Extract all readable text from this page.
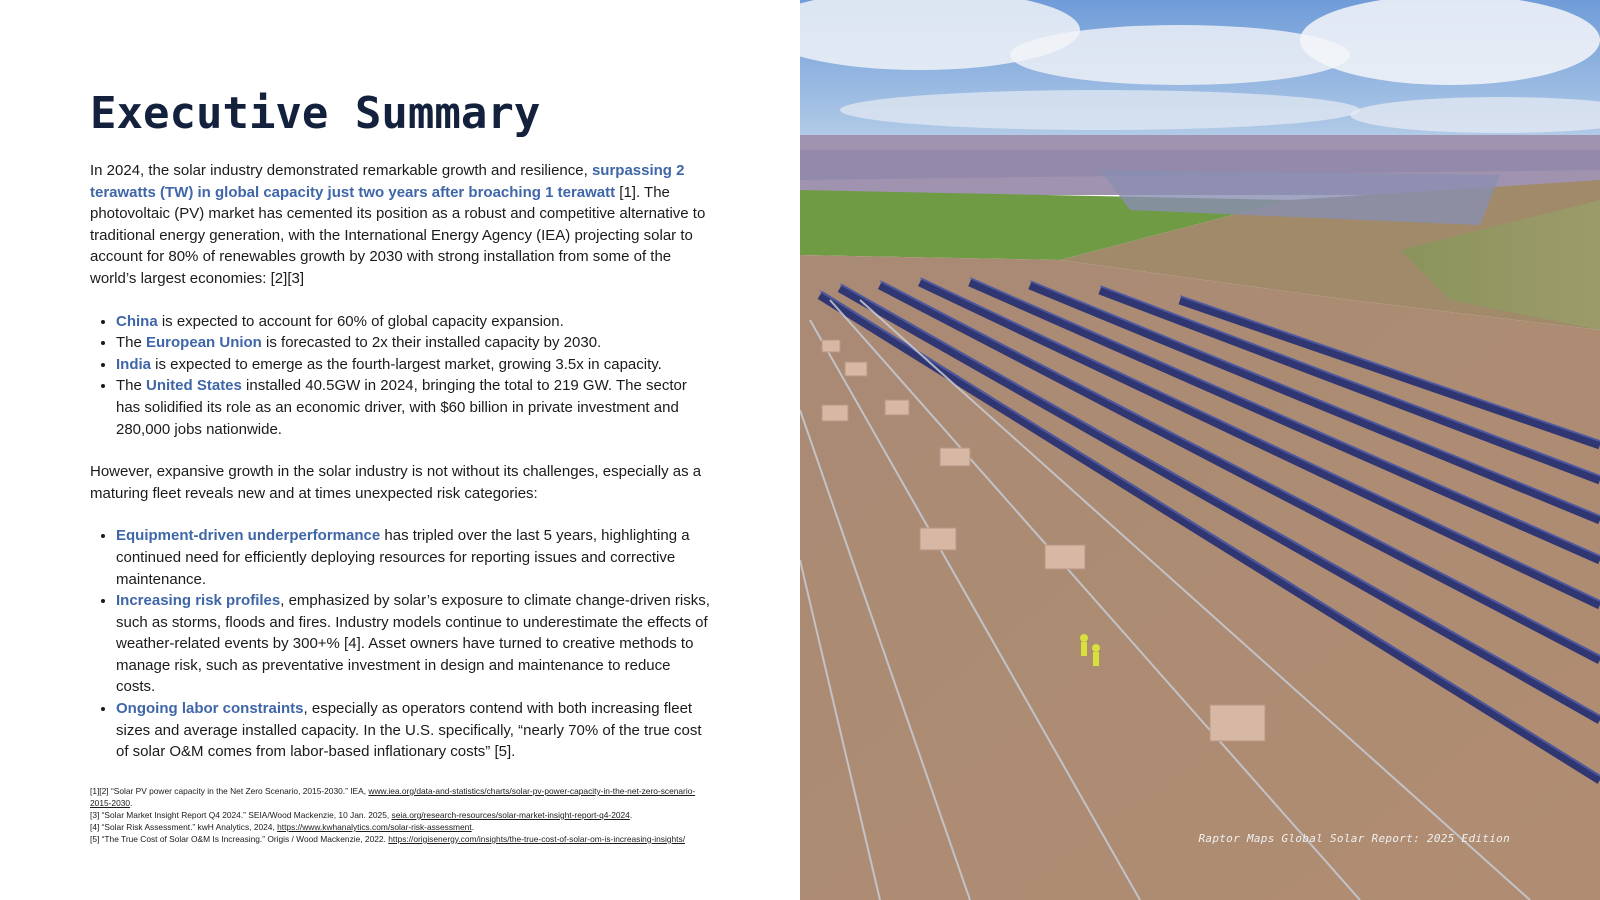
Executive Summary

In 2024, the solar industry demonstrated remarkable growth and resilience, surpassing 2 terawatts (TW) in global capacity just two years after broaching 1 terawatt [1]. The photovoltaic (PV) market has cemented its position as a robust and competitive alternative to traditional energy generation, with the International Energy Agency (IEA) projecting solar to account for 80% of renewables growth by 2030 with strong installation from some of the world’s largest economies: [2][3]

• China is expected to account for 60% of global capacity expansion.
• The European Union is forecasted to 2x their installed capacity by 2030.
• India is expected to emerge as the fourth-largest market, growing 3.5x in capacity.
• The United States installed 40.5GW in 2024, bringing the total to 219 GW. The sector has solidified its role as an economic driver, with $60 billion in private investment and 280,000 jobs nationwide.

However, expansive growth in the solar industry is not without its challenges, especially as a maturing fleet reveals new and at times unexpected risk categories:

• Equipment-driven underperformance has tripled over the last 5 years, highlighting a continued need for efficiently deploying resources for reporting issues and corrective maintenance.
• Increasing risk profiles, emphasized by solar’s exposure to climate change-driven risks, such as storms, floods and fires. Industry models continue to underestimate the effects of weather-related events by 300+% [4]. Asset owners have turned to creative methods to manage risk, such as preventative investment in design and maintenance to reduce costs.
• Ongoing labor constraints, especially as operators contend with both increasing fleet sizes and average installed capacity. In the U.S. specifically, “nearly 70% of the true cost of solar O&M comes from labor-based inflationary costs” [5].
[1][2] “Solar PV power capacity in the Net Zero Scenario, 2015-2030.” IEA, www.iea.org/data-and-statistics/charts/solar-pv-power-capacity-in-the-net-zero-scenario-2015-2030.
[3] “Solar Market Insight Report Q4 2024.” SEIA/Wood Mackenzie, 10 Jan. 2025, seia.org/research-resources/solar-market-insight-report-q4-2024.
[4] “Solar Risk Assessment.” kwH Analytics, 2024, https://www.kwhanalytics.com/solar-risk-assessment.
[5] “The True Cost of Solar O&M Is Increasing.” Origis / Wood Mackenzie, 2022. https://origisenergy.com/insights/the-true-cost-of-solar-om-is-increasing-insights/	Raptor Maps Global Solar Report: 2025 Edition
